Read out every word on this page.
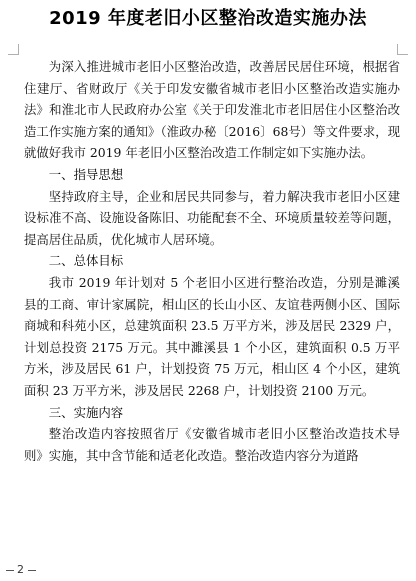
2019 年度老旧小区整治改造实施办法

为深入推进城市老旧小区整治改造，改善居民居住环境，根据省住建厅、省财政厅《关于印发安徽省城市老旧小区整治改造实施办法》和淮北市人民政府办公室《关于印发淮北市老旧居住小区整治改造工作实施方案的通知》（淮政办秘〔2016〕68号）等文件要求，现就做好我市 2019 年老旧小区整治改造工作制定如下实施办法。

一、指导思想

坚持政府主导，企业和居民共同参与，着力解决我市老旧小区建设标准不高、设施设备陈旧、功能配套不全、环境质量较差等问题，提高居住品质，优化城市人居环境。

二、总体目标

我市 2019 年计划对 5 个老旧小区进行整治改造，分别是濉溪县的工商、审计家属院，相山区的长山小区、友谊巷两侧小区、国际商城和科苑小区，总建筑面积 23.5 万平方米，涉及居民 2329 户，计划总投资 2175 万元。其中濉溪县 1 个小区，建筑面积 0.5 万平方米，涉及居民 61 户，计划投资 75 万元，相山区 4 个小区，建筑面积 23 万平方米，涉及居民 2268 户，计划投资 2100 万元。

三、实施内容

整治改造内容按照省厅《安徽省城市老旧小区整治改造技术导则》实施，其中含节能和适老化改造。整治改造内容分为道路

2
